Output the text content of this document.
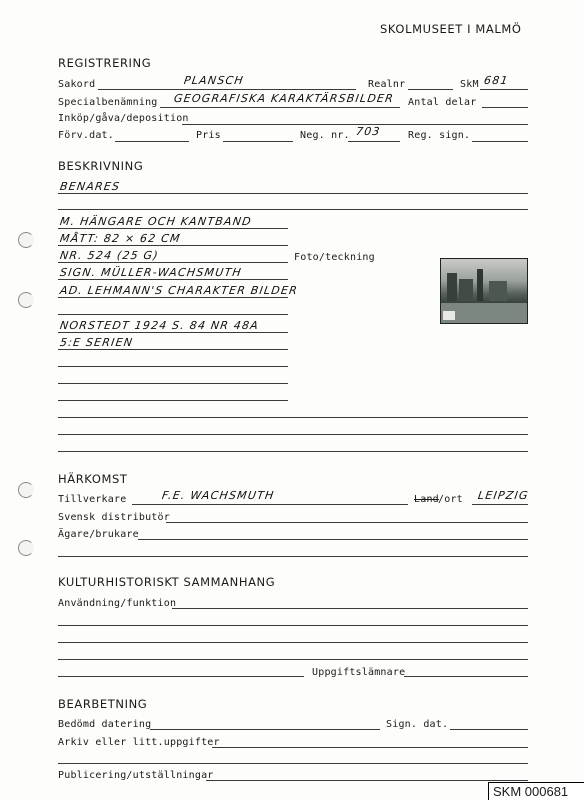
SKOLMUSEET I MALMÖ
REGISTRERING
Sakord	PLANSCH	Realnr	SkM 681
Specialbenämning GEOGRAFISKA KARAKTÄRSBILDER Antal delar
Inköp/gåva/deposition
Förv.dat.	Pris	Neg. nr. 703	Reg. sign.
BESKRIVNING
BENARES
M. HÄNGARE OCH KANTBAND
MÅTT: 82 × 62 CM
NR. 524 (25 G)	Foto/teckning
SIGN. MÜLLER-WACHSMUTH
AD. LEHMANN'S CHARAKTER BILDER
NORSTEDT 1924 S. 84 NR 48A
5:E SERIEN
HÄRKOMST
Tillverkare	F.E. WACHSMUTH	Land /ort LEIPZIG
Svensk distributör
Ägare/brukare
KULTURHISTORISKT SAMMANHANG
Användning/funktion
Uppgiftslämnare
BEARBETNING
Bedömd datering	Sign. dat.
Arkiv eller litt.uppgifter
Publicering/utställningar
SKM 000681
